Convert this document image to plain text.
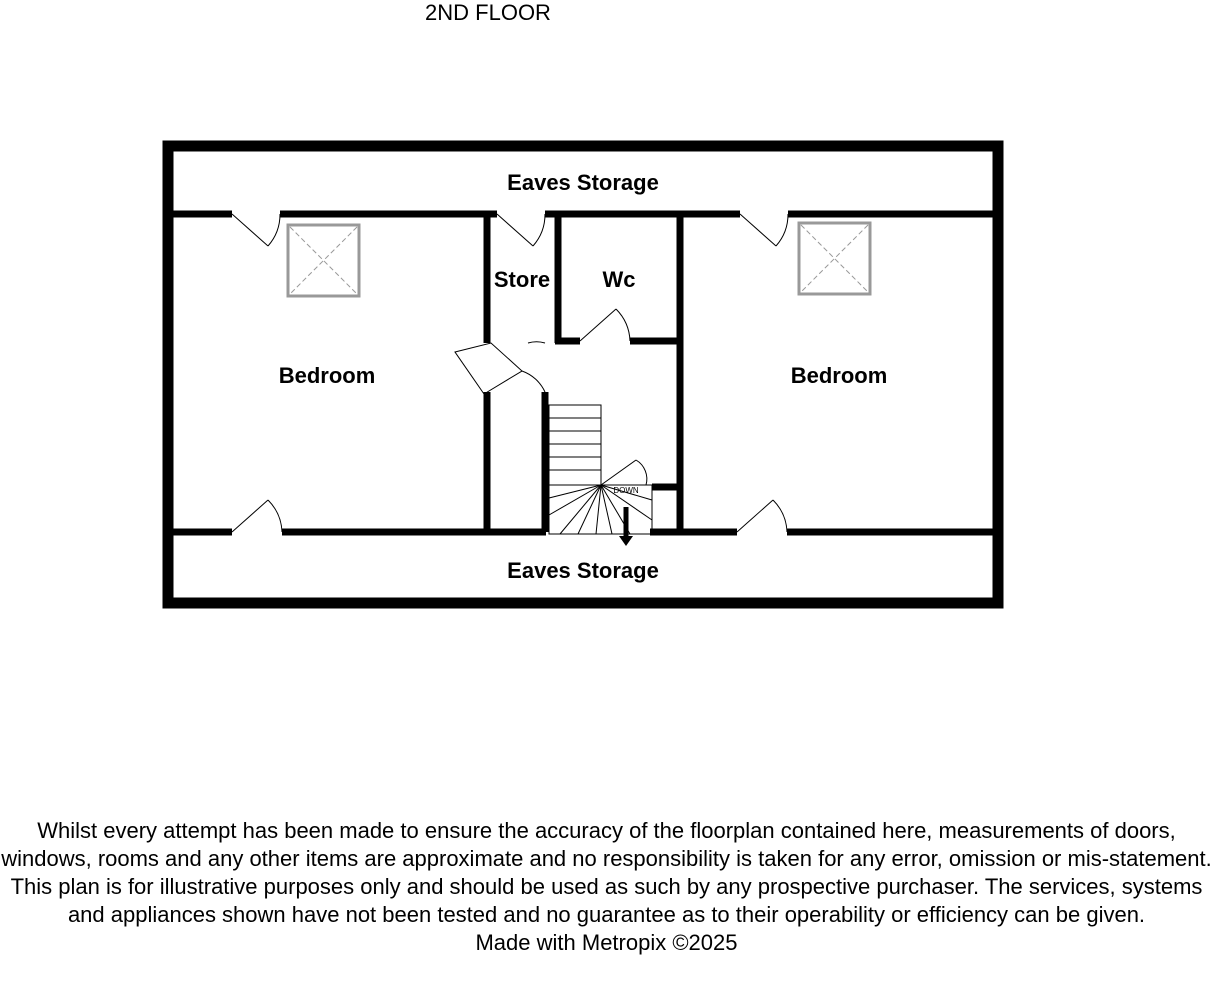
2ND FLOOR
Eaves Storage
Bedroom
Store Wc
Bedroom
Eaves Storage
DOWN

Whilst every attempt has been made to ensure the accuracy of the floorplan contained here, measurements of doors, windows, rooms and any other items are approximate and no responsibility is taken for any error, omission or mis-statement. This plan is for illustrative purposes only and should be used as such by any prospective purchaser. The services, systems and appliances shown have not been tested and no guarantee as to their operability or efficiency can be given.

Made with Metropix ©2025
